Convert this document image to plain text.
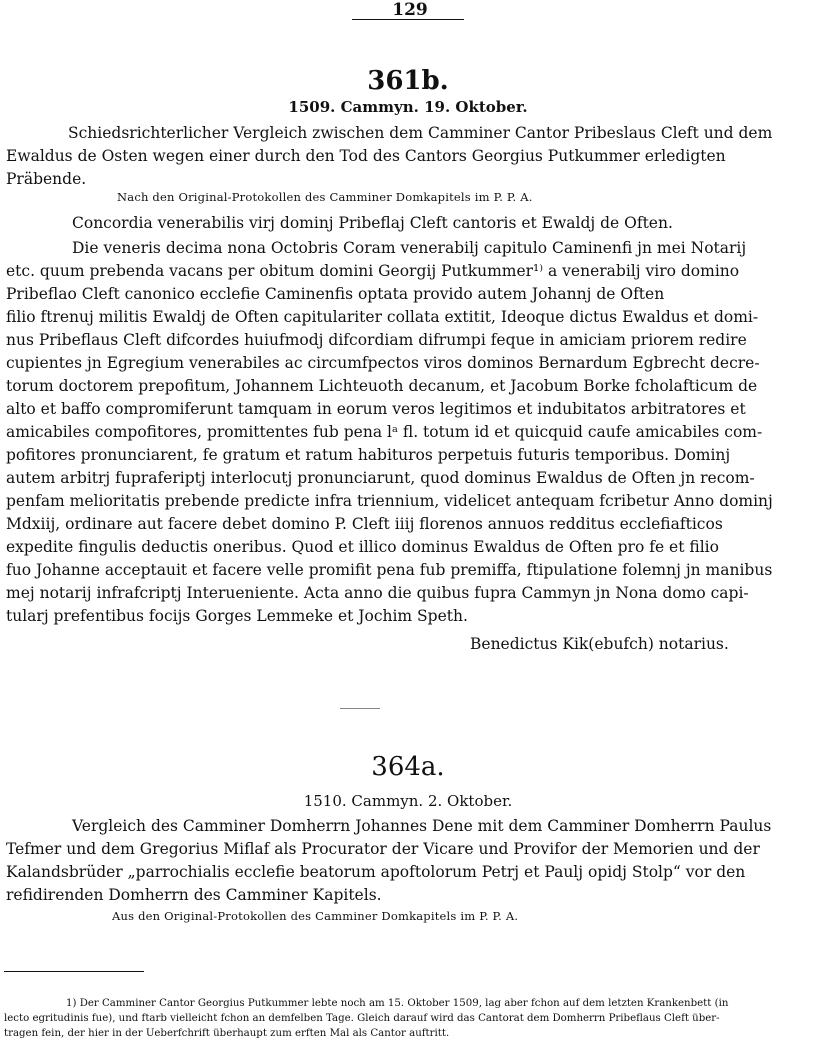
129
361b.
1509. Cammyn. 19. Oktober.
Schiedsrichterlicher Vergleich zwischen dem Camminer Cantor Pribeslaus Cleft und dem
Ewaldus de Osten wegen einer durch den Tod des Cantors Georgius Putkummer erledigten
Präbende.
Nach den Original-Protokollen des Camminer Domkapitels im P. P. A.
Concordia venerabilis virj dominj Pribeflaj Cleft cantoris et Ewaldj de Often.
Die veneris decima nona Octobris Coram venerabilj capitulo Caminenfi jn mei Notarij
etc. quum prebenda vacans per obitum domini Georgij Putkummer¹⁾ a venerabilj viro domino
Pribeflao Cleft canonico ecclefie Caminenfis optata provido autem Johannj de Often
filio ftrenuj militis Ewaldj de Often capitulariter collata extitit, Ideoque dictus Ewaldus et domi-
nus Pribeflaus Cleft difcordes huiufmodj difcordiam difrumpi feque in amiciam priorem redire
cupientes jn Egregium venerabiles ac circumfpectos viros dominos Bernardum Egbrecht decre-
torum doctorem prepofitum, Johannem Lichteuoth decanum, et Jacobum Borke fcholafticum de
alto et baffo compromiferunt tamquam in eorum veros legitimos et indubitatos arbitratores et
amicabiles compofitores, promittentes fub pena lᵃ fl. totum id et quicquid caufe amicabiles com-
pofitores pronunciarent, fe gratum et ratum habituros perpetuis futuris temporibus. Dominj
autem arbitrj fupraferiptj interlocutj pronunciarunt, quod dominus Ewaldus de Often jn recom-
penfam melioritatis prebende predicte infra triennium, videlicet antequam fcribetur Anno dominj
Mdxiij, ordinare aut facere debet domino P. Cleft iiij florenos annuos redditus ecclefiafticos
expedite fingulis deductis oneribus. Quod et illico dominus Ewaldus de Often pro fe et filio
fuo Johanne acceptauit et facere velle promifit pena fub premiffa, ftipulatione folemnj jn manibus
mej notarij infrafcriptj Interueniente. Acta anno die quibus fupra Cammyn jn Nona domo capi-
tularj prefentibus focijs Gorges Lemmeke et Jochim Speth.
Benedictus Kik(ebufch) notarius.
364a.
1510. Cammyn. 2. Oktober.
Vergleich des Camminer Domherrn Johannes Dene mit dem Camminer Domherrn Paulus
Tefmer und dem Gregorius Miflaf als Procurator der Vicare und Provifor der Memorien und der
Kalandsbrüder „parrochialis ecclefie beatorum apoftolorum Petrj et Paulj opidj Stolp“ vor den
refidirenden Domherrn des Camminer Kapitels.
Aus den Original-Protokollen des Camminer Domkapitels im P. P. A.
1) Der Camminer Cantor Georgius Putkummer lebte noch am 15. Oktober 1509, lag aber fchon auf dem letzten Krankenbett (in
lecto egritudinis fue), und ftarb vielleicht fchon an demfelben Tage. Gleich darauf wird das Cantorat dem Domherrn Pribeflaus Cleft über-
tragen fein, der hier in der Ueberfchrift überhaupt zum erften Mal als Cantor auftritt.
